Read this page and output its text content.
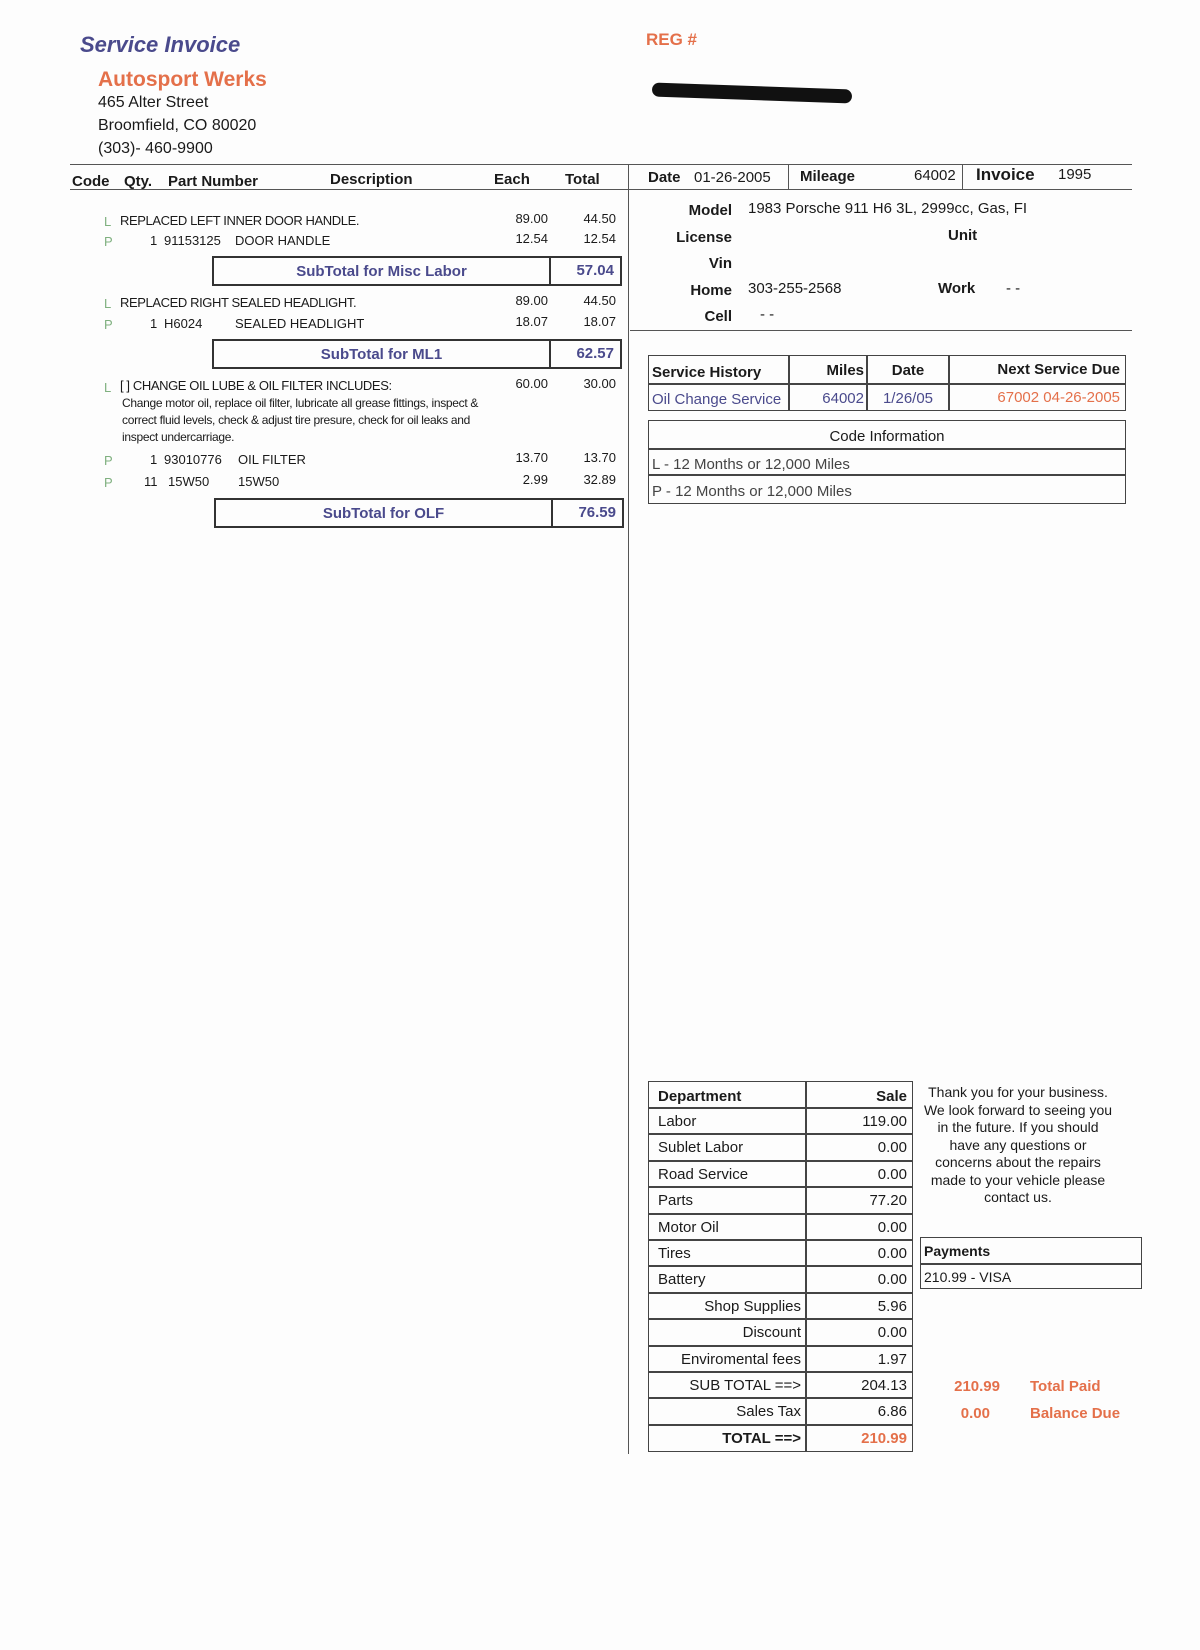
Service Invoice
Autosport Werks
465 Alter Street
Broomfield, CO 80020
(303)- 460-9900
REG #
Code Qty. Part Number	Description	Each Total	Date 01-26-2005 Mileage	64002 Invoice 1995
L REPLACED LEFT INNER DOOR HANDLE.	89.00	44.50
P	1 91153125 DOOR HANDLE	12.54	12.54
SubTotal for Misc Labor	57.04
L REPLACED RIGHT SEALED HEADLIGHT.	89.00	44.50
P	1 H6024	SEALED HEADLIGHT	18.07	18.07
SubTotal for ML1	62.57
L [ ] CHANGE OIL LUBE & OIL FILTER INCLUDES:	60.00	30.00
Change motor oil, replace oil filter, lubricate all grease fittings, inspect &
correct fluid levels, check & adjust tire presure, check for oil leaks and
inspect undercarriage.
P	1 93010776 OIL FILTER	13.70	13.70
P 11 15W50 15W50	2.99	32.89
SubTotal for OLF	76.59
Model 1983 Porsche 911 H6 3L, 2999cc, Gas, FI
License	Unit
Vin
Home 303-255-2568	Work - -
Cell - -
Service History	Miles	Date	Next Service Due
Oil Change Service	64002	1/26/05	67002 04-26-2005
Code Information
L - 12 Months or 12,000 Miles
P - 12 Months or 12,000 Miles
Department	Sale
Labor	119.00
Sublet Labor	0.00
Road Service	0.00
Parts	77.20
Motor Oil	0.00
Tires	0.00
Battery	0.00
Shop Supplies	5.96
Discount	0.00
Enviromental fees	1.97
SUB TOTAL ==>	204.13
Sales Tax	6.86
TOTAL ==>	210.99
Thank you for your business.
We look forward to seeing you
in the future. If you should
have any questions or
concerns about the repairs
made to your vehicle please
contact us.
Payments
210.99 - VISA
210.99 Total Paid
0.00	Balance Due
